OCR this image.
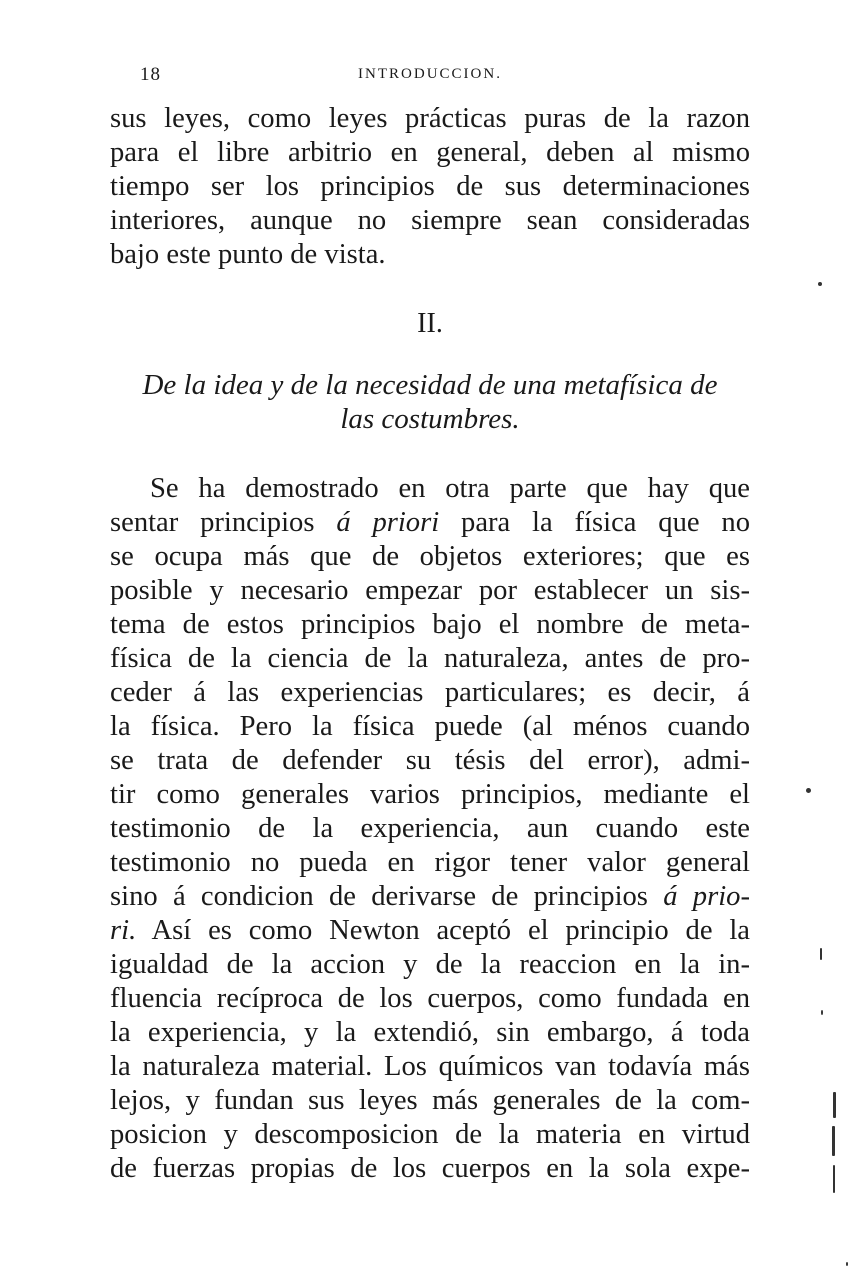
18	INTRODUCCION.
sus leyes, como leyes prácticas puras de la razon
para el libre arbitrio en general, deben al mismo
tiempo ser los principios de sus determinaciones
interiores, aunque no siempre sean consideradas
bajo este punto de vista.
II.
De la idea y de la necesidad de una metafísica de
las costumbres.
Se ha demostrado en otra parte que hay que
sentar principios á priori para la física que no
se ocupa más que de objetos exteriores; que es
posible y necesario empezar por establecer un sis-
tema de estos principios bajo el nombre de meta-
física de la ciencia de la naturaleza, antes de pro-
ceder á las experiencias particulares; es decir, á
la física. Pero la física puede (al ménos cuando
se trata de defender su tésis del error), admi-
tir como generales varios principios, mediante el
testimonio de la experiencia, aun cuando este
testimonio no pueda en rigor tener valor general
sino á condicion de derivarse de principios á prio-
ri. Así es como Newton aceptó el principio de la
igualdad de la accion y de la reaccion en la in-
fluencia recíproca de los cuerpos, como fundada en
la experiencia, y la extendió, sin embargo, á toda
la naturaleza material. Los químicos van todavía más
lejos, y fundan sus leyes más generales de la com-
posicion y descomposicion de la materia en virtud
de fuerzas propias de los cuerpos en la sola expe-
